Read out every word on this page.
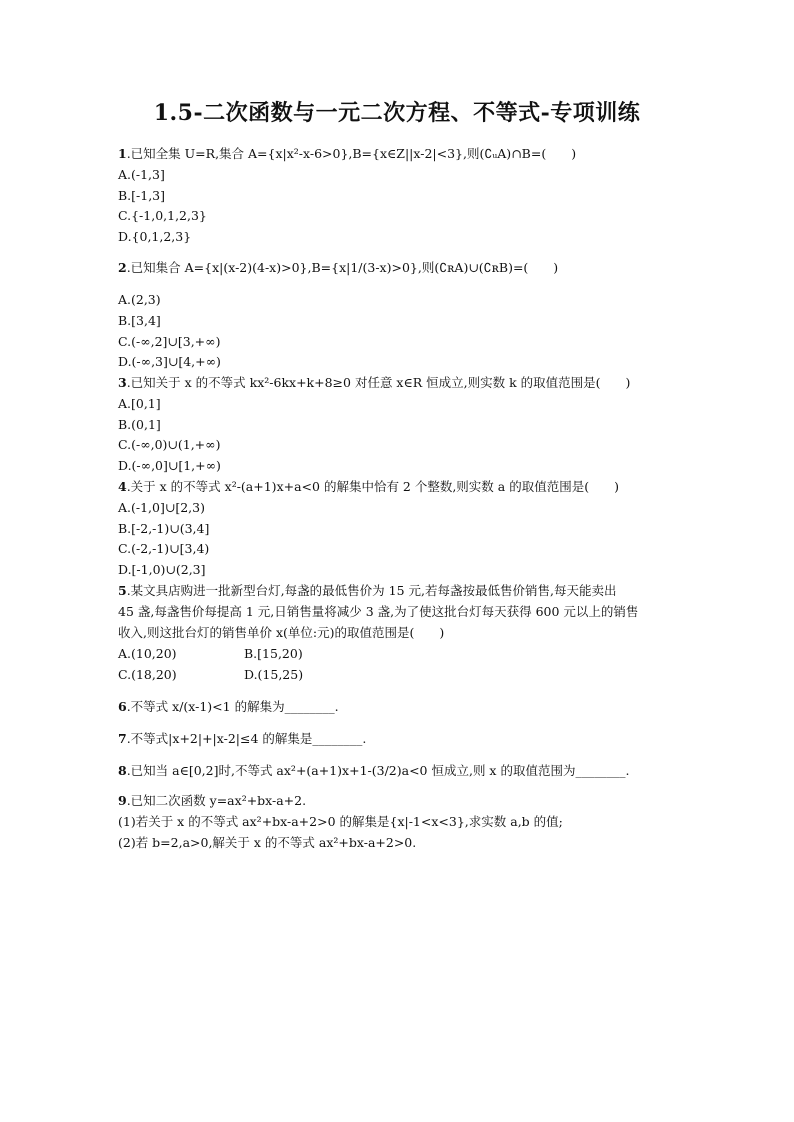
1.5-二次函数与一元二次方程、不等式-专项训练
1.已知全集 U=R,集合 A={x|x²-x-6>0},B={x∈Z||x-2|<3},则(∁ᵤA)∩B=(　　)
A.(-1,3]
B.[-1,3]
C.{-1,0,1,2,3}
D.{0,1,2,3}
2.已知集合 A={x|(x-2)(4-x)>0},B={x|1/(3-x)>0},则(∁ʀA)∪(∁ʀB)=(　　)
A.(2,3)
B.[3,4]
C.(-∞,2]∪[3,+∞)
D.(-∞,3]∪[4,+∞)
3.已知关于 x 的不等式 kx²-6kx+k+8≥0 对任意 x∈R 恒成立,则实数 k 的取值范围是(　　)
A.[0,1]
B.(0,1]
C.(-∞,0)∪(1,+∞)
D.(-∞,0]∪[1,+∞)
4.关于 x 的不等式 x²-(a+1)x+a<0 的解集中恰有 2 个整数,则实数 a 的取值范围是(　　)
A.(-1,0]∪[2,3)
B.[-2,-1)∪(3,4]
C.(-2,-1)∪[3,4)
D.[-1,0)∪(2,3]
5.某文具店购进一批新型台灯,每盏的最低售价为 15 元,若每盏按最低售价销售,每天能卖出
45 盏,每盏售价每提高 1 元,日销售量将减少 3 盏,为了使这批台灯每天获得 600 元以上的销售
收入,则这批台灯的销售单价 x(单位:元)的取值范围是(　　)
A.(10,20)	B.[15,20)
C.(18,20)	D.(15,25)
6.不等式 x/(x-1)<1 的解集为________.
7.不等式|x+2|+|x-2|≤4 的解集是________.
8.已知当 a∈[0,2]时,不等式 ax²+(a+1)x+1-(3/2)a<0 恒成立,则 x 的取值范围为________.
9.已知二次函数 y=ax²+bx-a+2.
(1)若关于 x 的不等式 ax²+bx-a+2>0 的解集是{x|-1<x<3},求实数 a,b 的值;
(2)若 b=2,a>0,解关于 x 的不等式 ax²+bx-a+2>0.
